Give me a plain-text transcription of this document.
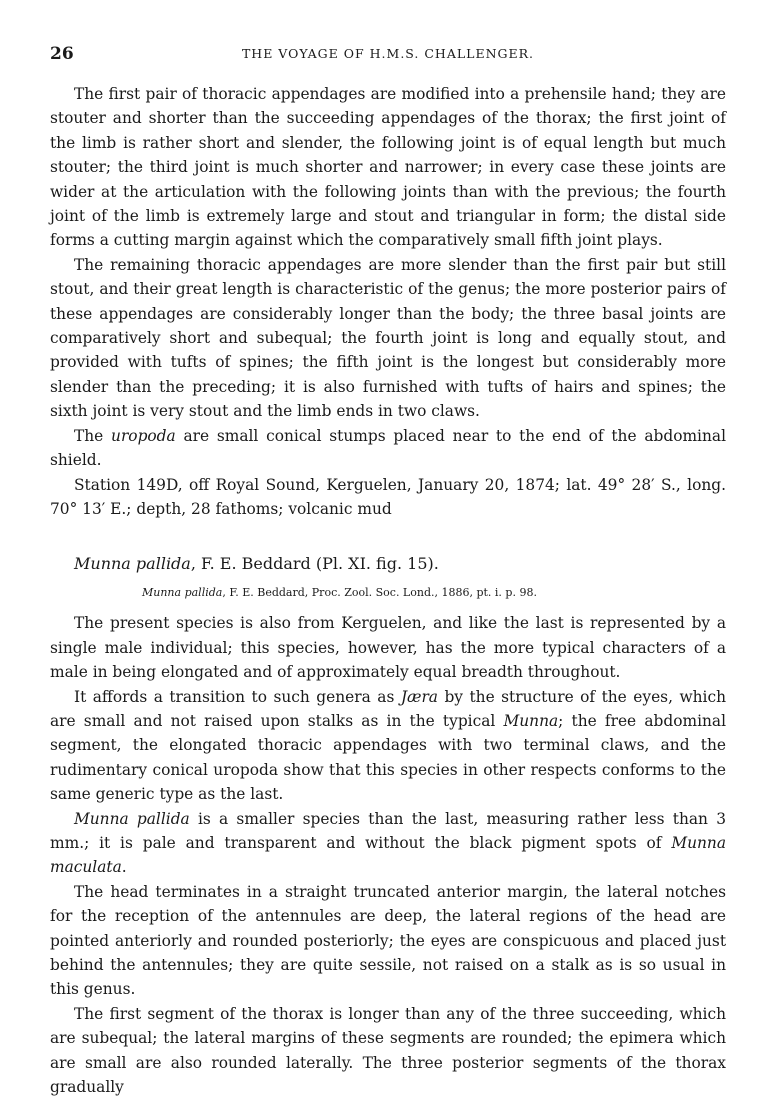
26	THE VOYAGE OF H.M.S. CHALLENGER.

The first pair of thoracic appendages are modified into a prehensile hand; they are stouter and shorter than the succeeding appendages of the thorax; the first joint of the limb is rather short and slender, the following joint is of equal length but much stouter; the third joint is much shorter and narrower; in every case these joints are wider at the articulation with the following joints than with the previous; the fourth joint of the limb is extremely large and stout and triangular in form; the distal side forms a cutting margin against which the comparatively small fifth joint plays.

The remaining thoracic appendages are more slender than the first pair but still stout, and their great length is characteristic of the genus; the more posterior pairs of these appendages are considerably longer than the body; the three basal joints are comparatively short and subequal; the fourth joint is long and equally stout, and provided with tufts of spines; the fifth joint is the longest but considerably more slender than the preceding; it is also furnished with tufts of hairs and spines; the sixth joint is very stout and the limb ends in two claws.

The uropoda are small conical stumps placed near to the end of the abdominal shield.

Station 149D, off Royal Sound, Kerguelen, January 20, 1874; lat. 49° 28′ S., long. 70° 13′ E.; depth, 28 fathoms; volcanic mud

Munna pallida, F. E. Beddard (Pl. XI. fig. 15).

Munna pallida, F. E. Beddard, Proc. Zool. Soc. Lond., 1886, pt. i. p. 98.

The present species is also from Kerguelen, and like the last is represented by a single male individual; this species, however, has the more typical characters of a male in being elongated and of approximately equal breadth throughout.

It affords a transition to such genera as Jæra by the structure of the eyes, which are small and not raised upon stalks as in the typical Munna; the free abdominal segment, the elongated thoracic appendages with two terminal claws, and the rudimentary conical uropoda show that this species in other respects conforms to the same generic type as the last.

Munna pallida is a smaller species than the last, measuring rather less than 3 mm.; it is pale and transparent and without the black pigment spots of Munna maculata.

The head terminates in a straight truncated anterior margin, the lateral notches for the reception of the antennules are deep, the lateral regions of the head are pointed anteriorly and rounded posteriorly; the eyes are conspicuous and placed just behind the antennules; they are quite sessile, not raised on a stalk as is so usual in this genus.

The first segment of the thorax is longer than any of the three succeeding, which are subequal; the lateral margins of these segments are rounded; the epimera which are small are also rounded laterally. The three posterior segments of the thorax gradually
